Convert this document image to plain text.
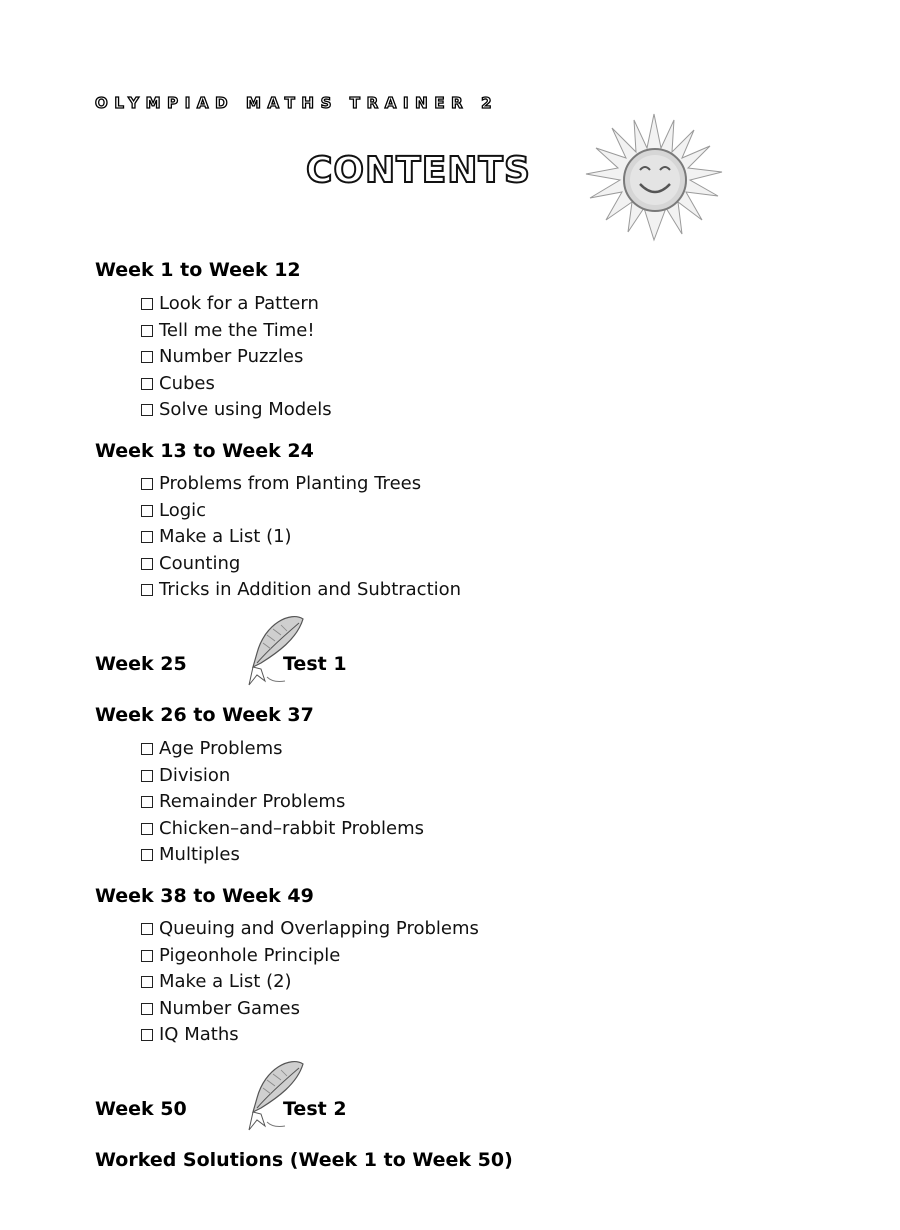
OLYMPIAD MATHS TRAINER 2
CONTENTS
Week 1 to Week 12
Look for a Pattern
Tell me the Time!
Number Puzzles
Cubes
Solve using Models
Week 13 to Week 24
Problems from Planting Trees
Logic
Make a List (1)
Counting
Tricks in Addition and Subtraction
Week 25	Test 1
Week 26 to Week 37
Age Problems
Division
Remainder Problems
Chicken–and–rabbit Problems
Multiples
Week 38 to Week 49
Queuing and Overlapping Problems
Pigeonhole Principle
Make a List (2)
Number Games
IQ Maths
Week 50	Test 2
Worked Solutions (Week 1 to Week 50)
